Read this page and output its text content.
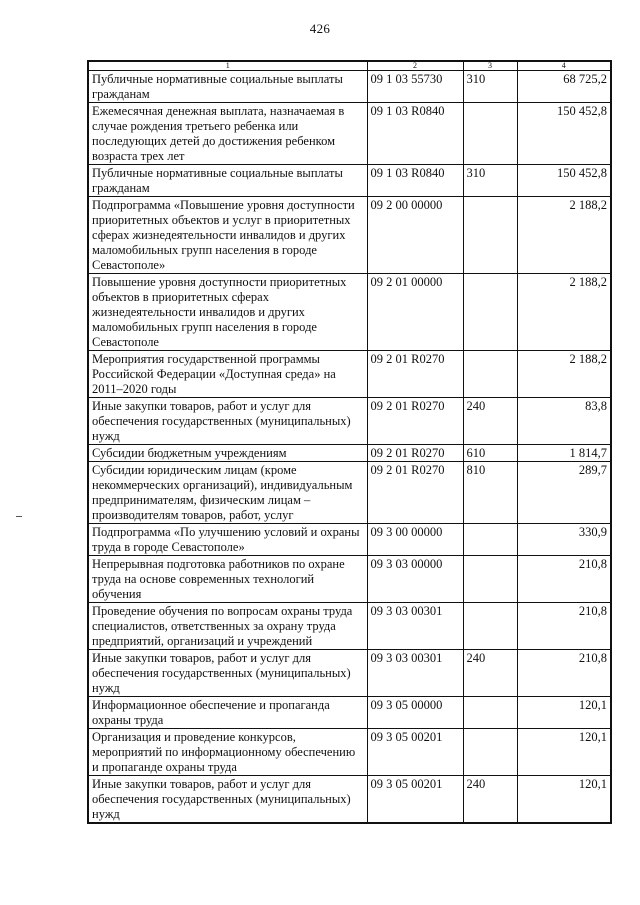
426
1	2	3	4
Публичные нормативные социальные выплаты гражданам	09 1 03 55730	310	68 725,2
Ежемесячная денежная выплата, назначаемая в случае рождения третьего ребенка или последующих детей до достижения ребенком возраста трех лет	09 1 03 R0840		150 452,8
Публичные нормативные социальные выплаты гражданам	09 1 03 R0840	310	150 452,8
Подпрограмма «Повышение уровня доступности приоритетных объектов и услуг в приоритетных сферах жизнедеятельности инвалидов и других маломобильных групп населения в городе Севастополе»	09 2 00 00000		2 188,2
Повышение уровня доступности приоритетных объектов в приоритетных сферах жизнедеятельности инвалидов и других маломобильных групп населения в городе Севастополе	09 2 01 00000		2 188,2
Мероприятия государственной программы Российской Федерации «Доступная среда» на 2011–2020 годы	09 2 01 R0270		2 188,2
Иные закупки товаров, работ и услуг для обеспечения государственных (муниципальных) нужд	09 2 01 R0270	240	83,8
Субсидии бюджетным учреждениям	09 2 01 R0270	610	1 814,7
Субсидии юридическим лицам (кроме некоммерческих организаций), индивидуальным предпринимателям, физическим лицам – производителям товаров, работ, услуг	09 2 01 R0270	810	289,7
Подпрограмма «По улучшению условий и охраны труда в городе Севастополе»	09 3 00 00000		330,9
Непрерывная подготовка работников по охране труда на основе современных технологий обучения	09 3 03 00000		210,8
Проведение обучения по вопросам охраны труда специалистов, ответственных за охрану труда предприятий, организаций и учреждений	09 3 03 00301		210,8
Иные закупки товаров, работ и услуг для обеспечения государственных (муниципальных) нужд	09 3 03 00301	240	210,8
Информационное обеспечение и пропаганда охраны труда	09 3 05 00000		120,1
Организация и проведение конкурсов, мероприятий по информационному обеспечению и пропаганде охраны труда	09 3 05 00201		120,1
Иные закупки товаров, работ и услуг для обеспечения государственных (муниципальных) нужд	09 3 05 00201	240	120,1
